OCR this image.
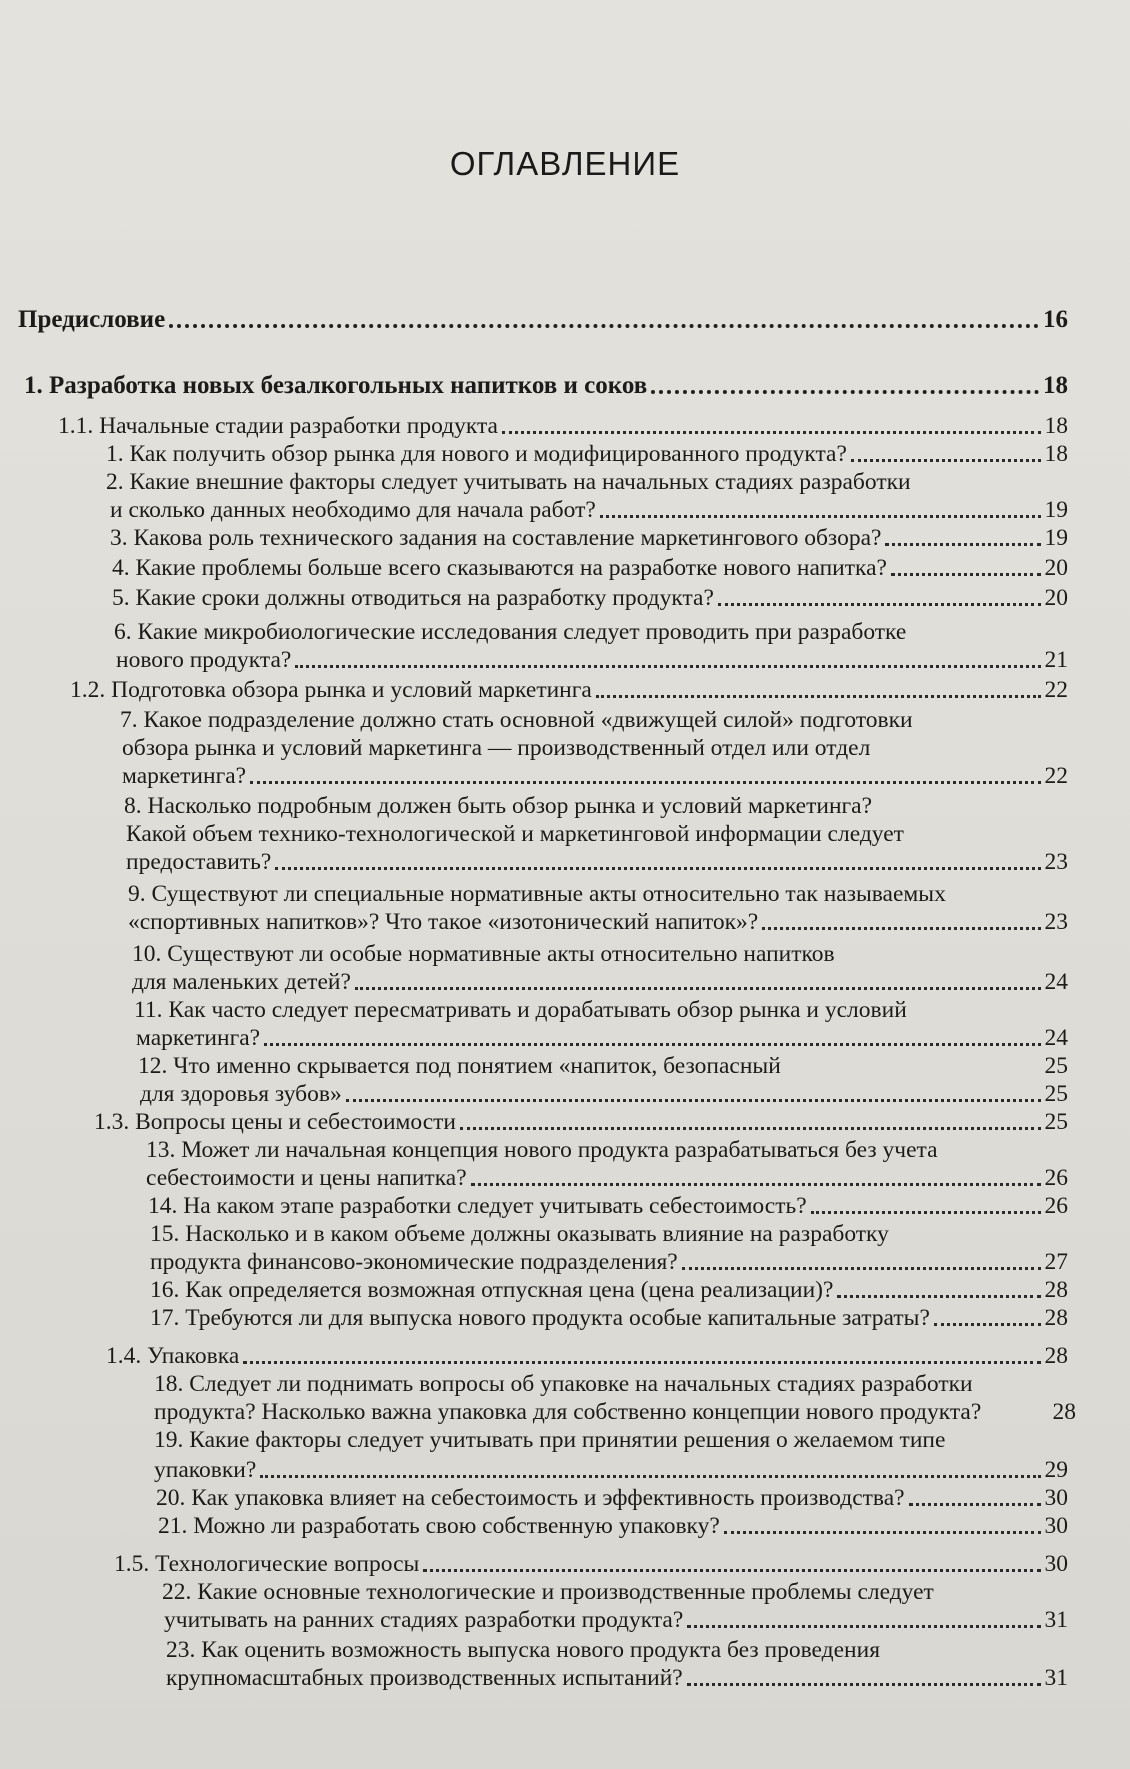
ОГЛАВЛЕНИЕ
Предисловие	16
1. Разработка новых безалкогольных напитков и соков	18
1.1. Начальные стадии разработки продукта	18
1. Как получить обзор рынка для нового и модифицированного продукта?	18
2. Какие внешние факторы следует учитывать на начальных стадиях разработки
и сколько данных необходимо для начала работ?	19
3. Какова роль технического задания на составление маркетингового обзора?	19
4. Какие проблемы больше всего сказываются на разработке нового напитка?	20
5. Какие сроки должны отводиться на разработку продукта?	20
6. Какие микробиологические исследования следует проводить при разработке
нового продукта?	21
1.2. Подготовка обзора рынка и условий маркетинга	22
7. Какое подразделение должно стать основной «движущей силой» подготовки
обзора рынка и условий маркетинга — производственный отдел или отдел
маркетинга?	22
8. Насколько подробным должен быть обзор рынка и условий маркетинга?
Какой объем технико-технологической и маркетинговой информации следует
предоставить?	23
9. Существуют ли специальные нормативные акты относительно так называемых
«спортивных напитков»? Что такое «изотонический напиток»?	23
10. Существуют ли особые нормативные акты относительно напитков
для маленьких детей?	24
11. Как часто следует пересматривать и дорабатывать обзор рынка и условий
маркетинга?	24
12. Что именно скрывается под понятием «напиток, безопасный	25
для здоровья зубов»	25
1.3. Вопросы цены и себестоимости	25
13. Может ли начальная концепция нового продукта разрабатываться без учета
себестоимости и цены напитка?	26
14. На каком этапе разработки следует учитывать себестоимость?	26
15. Насколько и в каком объеме должны оказывать влияние на разработку
продукта финансово-экономические подразделения?	27
16. Как определяется возможная отпускная цена (цена реализации)?	28
17. Требуются ли для выпуска нового продукта особые капитальные затраты?	28
1.4. Упаковка	28
18. Следует ли поднимать вопросы об упаковке на начальных стадиях разработки
продукта? Насколько важна упаковка для собственно концепции нового продукта?	28
19. Какие факторы следует учитывать при принятии решения о желаемом типе
упаковки?	29
20. Как упаковка влияет на себестоимость и эффективность производства?	30
21. Можно ли разработать свою собственную упаковку?	30
1.5. Технологические вопросы	30
22. Какие основные технологические и производственные проблемы следует
учитывать на ранних стадиях разработки продукта?	31
23. Как оценить возможность выпуска нового продукта без проведения
крупномасштабных производственных испытаний?	31
